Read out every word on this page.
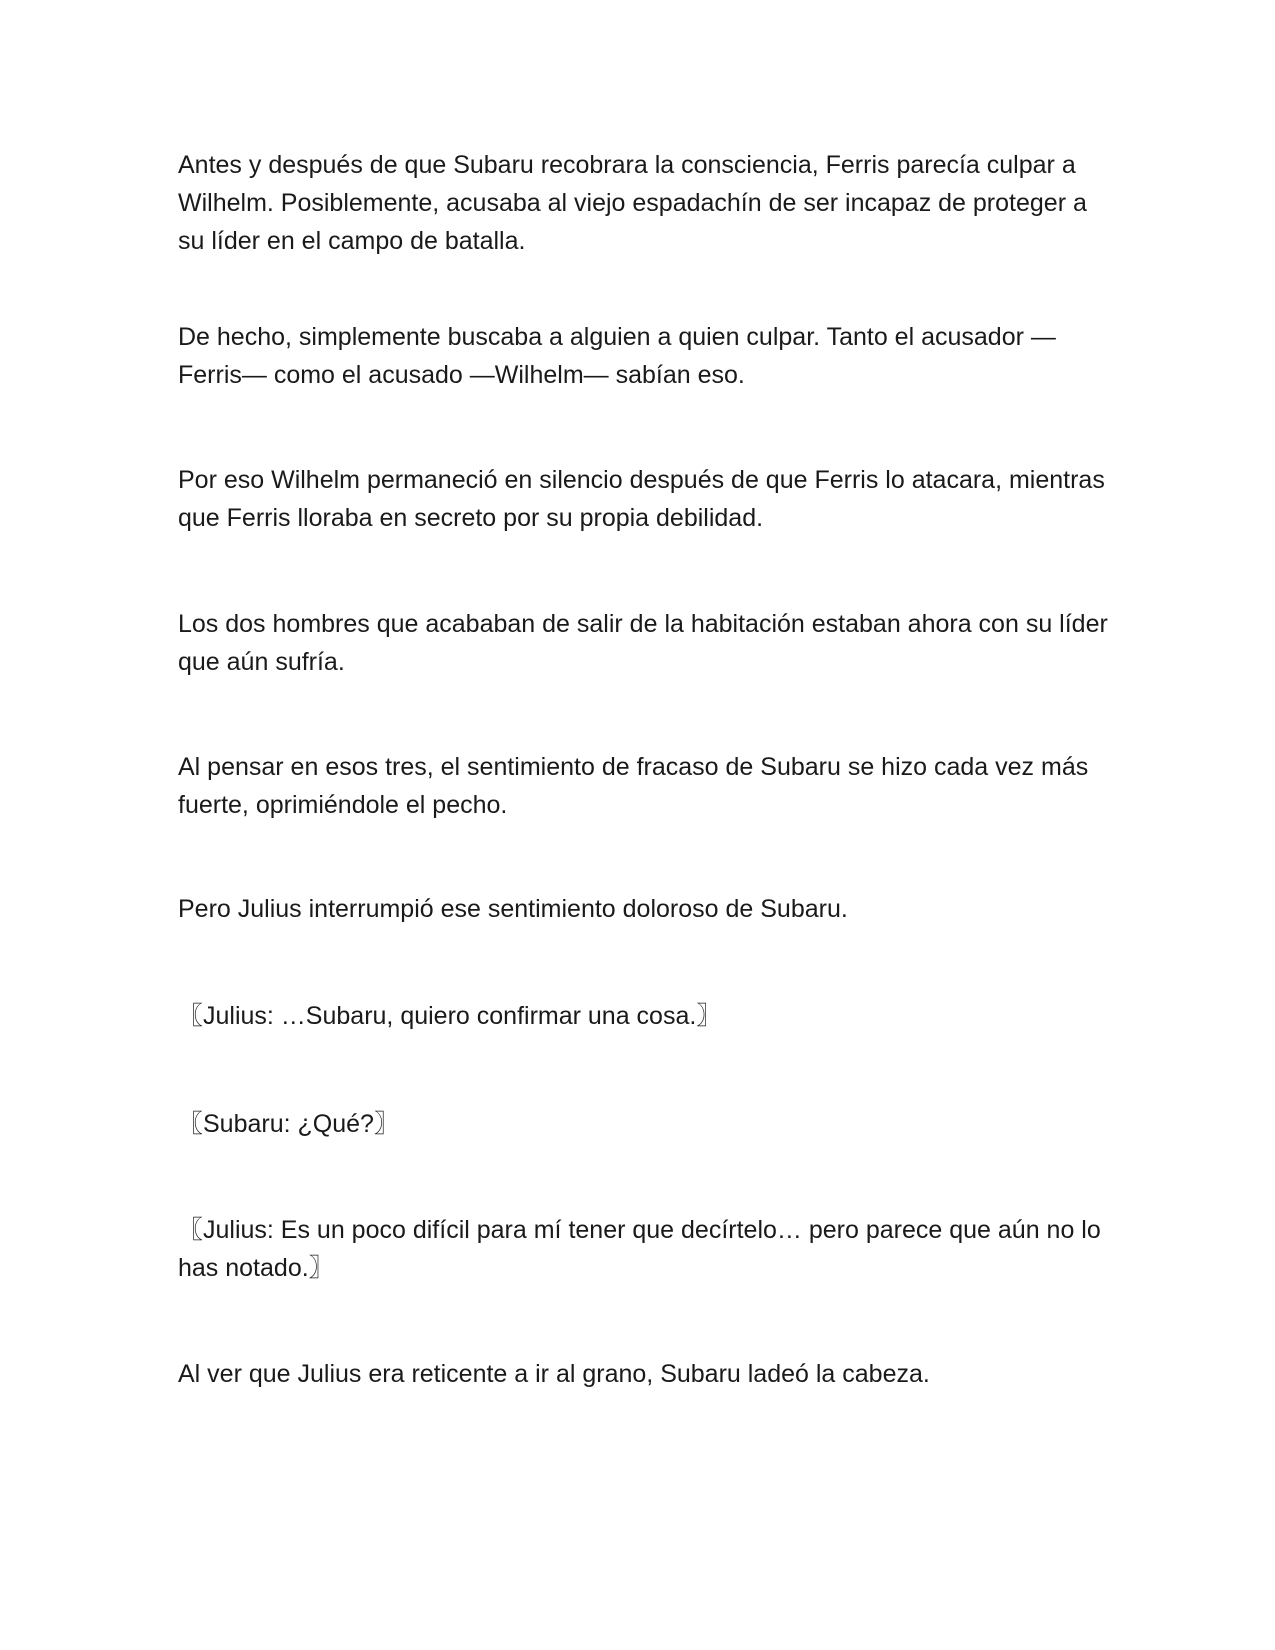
Antes y después de que Subaru recobrara la consciencia, Ferris parecía culpar a Wilhelm. Posiblemente, acusaba al viejo espadachín de ser incapaz de proteger a su líder en el campo de batalla.

De hecho, simplemente buscaba a alguien a quien culpar. Tanto el acusador —Ferris— como el acusado —Wilhelm— sabían eso.

Por eso Wilhelm permaneció en silencio después de que Ferris lo atacara, mientras que Ferris lloraba en secreto por su propia debilidad.

Los dos hombres que acababan de salir de la habitación estaban ahora con su líder que aún sufría.

Al pensar en esos tres, el sentimiento de fracaso de Subaru se hizo cada vez más fuerte, oprimiéndole el pecho.

Pero Julius interrumpió ese sentimiento doloroso de Subaru.

〖Julius: …Subaru, quiero confirmar una cosa.〗

〖Subaru: ¿Qué?〗

〖Julius: Es un poco difícil para mí tener que decírtelo… pero parece que aún no lo has notado.〗

Al ver que Julius era reticente a ir al grano, Subaru ladeó la cabeza.
